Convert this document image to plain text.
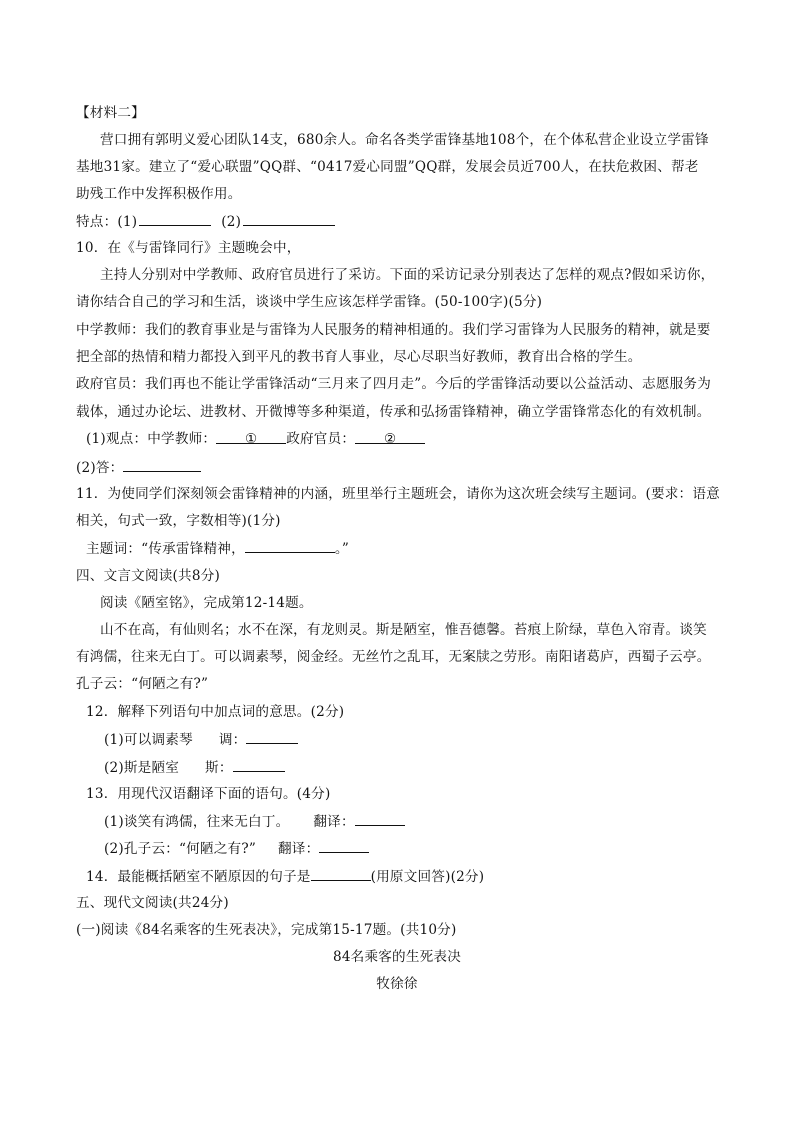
【材料二】
营口拥有郭明义爱心团队14支，680余人。命名各类学雷锋基地108个，在个体私营企业设立学雷锋
基地31家。建立了“爱心联盟”QQ群、“0417爱心同盟”QQ群，发展会员近700人，在扶危救困、帮老
助残工作中发挥积极作用。
特点：(1)	(2)
10．在《与雷锋同行》主题晚会中，
主持人分别对中学教师、政府官员进行了采访。下面的采访记录分别表达了怎样的观点?假如采访你，
请你结合自己的学习和生活，谈谈中学生应该怎样学雷锋。(50-100字)(5分)
中学教师：我们的教育事业是与雷锋为人民服务的精神相通的。我们学习雷锋为人民服务的精神，就是要
把全部的热情和精力都投入到平凡的教书育人事业，尽心尽职当好教师，教育出合格的学生。
政府官员：我们再也不能让学雷锋活动“三月来了四月走”。今后的学雷锋活动要以公益活动、志愿服务为
载体，通过办论坛、进教材、开微博等多种渠道，传承和弘扬雷锋精神，确立学雷锋常态化的有效机制。
(1)观点：中学教师： ① 政府官员： ②
(2)答：
11．为使同学们深刻领会雷锋精神的内涵，班里举行主题班会，请你为这次班会续写主题词。(要求：语意
相关，句式一致，字数相等)(1分)
主题词：“传承雷锋精神，	。”
四、文言文阅读(共8分)
阅读《陋室铭》，完成第12-14题。
山不在高，有仙则名；水不在深，有龙则灵。斯是陋室，惟吾德馨。苔痕上阶绿，草色入帘青。谈笑
有鸿儒，往来无白丁。可以调素琴，阅金经。无丝竹之乱耳，无案牍之劳形。南阳诸葛庐，西蜀子云亭。
孔子云：“何陋之有?”
12．解释下列语句中加点词的意思。(2分)
(1)可以调素琴 调：
(2)斯是陋室 斯：
13．用现代汉语翻译下面的语句。(4分)
(1)谈笑有鸿儒，往来无白丁。 翻译：
(2)孔子云：“何陋之有?” 翻译：
14．最能概括陋室不陋原因的句子是	(用原文回答)(2分)
五、现代文阅读(共24分)
(一)阅读《84名乘客的生死表决》，完成第15-17题。(共10分)
84名乘客的生死表决
牧徐徐
